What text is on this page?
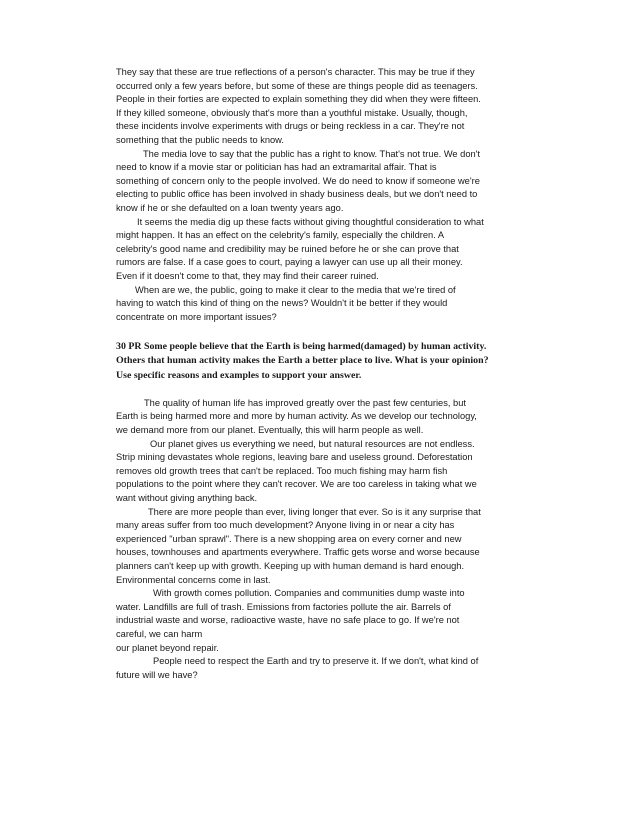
They say that these are true reflections of a person's character. This may be true if they
occurred only a few years before, but some of these are things people did as teenagers.
People in their forties are expected to explain something they did when they were fifteen.
If they killed someone, obviously that's more than a youthful mistake. Usually, though,
these incidents involve experiments with drugs or being reckless in a car. They're not
something that the public needs to know.
The media love to say that the public has a right to know. That's not true. We don't
need to know if a movie star or politician has had an extramarital affair. That is
something of concern only to the people involved. We do need to know if someone we're
electing to public office has been involved in shady business deals, but we don't need to
know if he or she defaulted on a loan twenty years ago.
It seems the media dig up these facts without giving thoughtful consideration to what
might happen. It has an effect on the celebrity's family, especially the children. A
celebrity's good name and credibility may be ruined before he or she can prove that
rumors are false. If a case goes to court, paying a lawyer can use up all their money.
Even if it doesn't come to that, they may find their career ruined.
When are we, the public, going to make it clear to the media that we're tired of
having to watch this kind of thing on the news? Wouldn't it be better if they would
concentrate on more important issues?
30 PR Some people believe that the Earth is being harmed(damaged) by human activity.
Others that human activity makes the Earth a better place to live. What is your opinion?
Use specific reasons and examples to support your answer.
The quality of human life has improved greatly over the past few centuries, but
Earth is being harmed more and more by human activity. As we develop our technology,
we demand more from our planet. Eventually, this will harm people as well.
Our planet gives us everything we need, but natural resources are not endless.
Strip mining devastates whole regions, leaving bare and useless ground. Deforestation
removes old growth trees that can't be replaced. Too much fishing may harm fish
populations to the point where they can't recover. We are too careless in taking what we
want without giving anything back.
There are more people than ever, living longer that ever. So is it any surprise that
many areas suffer from too much development? Anyone living in or near a city has
experienced "urban sprawl". There is a new shopping area on every corner and new
houses, townhouses and apartments everywhere. Traffic gets worse and worse because
planners can't keep up with growth. Keeping up with human demand is hard enough.
Environmental concerns come in last.
With growth comes pollution. Companies and communities dump waste into
water. Landfills are full of trash. Emissions from factories pollute the air. Barrels of
industrial waste and worse, radioactive waste, have no safe place to go. If we're not
careful, we can harm
our planet beyond repair.
People need to respect the Earth and try to preserve it. If we don't, what kind of
future will we have?
